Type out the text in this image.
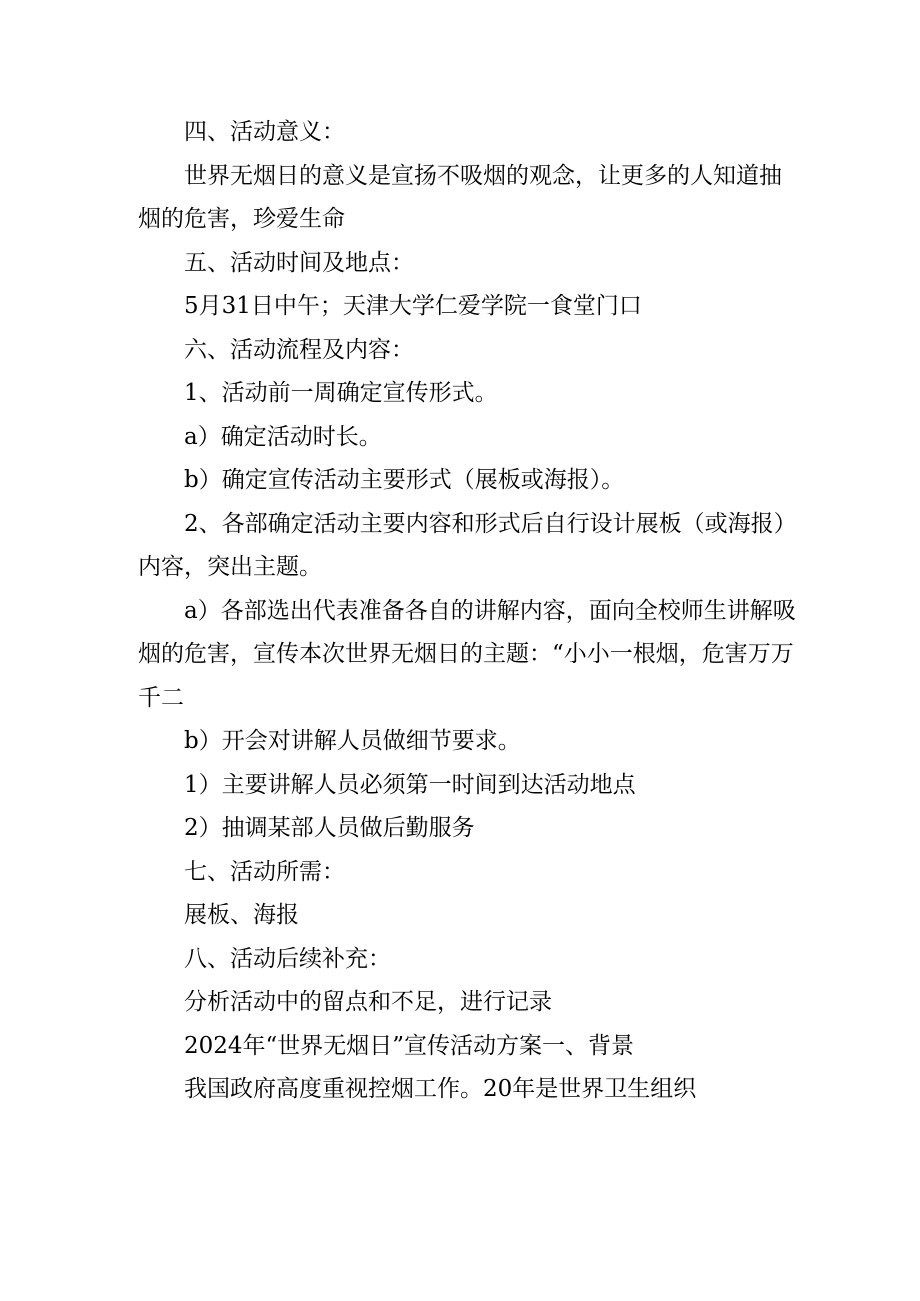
四、活动意义：

世界无烟日的意义是宣扬不吸烟的观念，让更多的人知道抽烟的危害，珍爱生命

五、活动时间及地点：

5月31日中午；天津大学仁爱学院一食堂门口

六、活动流程及内容：

1、活动前一周确定宣传形式。

a）确定活动时长。

b）确定宣传活动主要形式（展板或海报）。

2、各部确定活动主要内容和形式后自行设计展板（或海报）内容，突出主题。

a）各部选出代表准备各自的讲解内容，面向全校师生讲解吸烟的危害，宣传本次世界无烟日的主题：“小小一根烟，危害万万千二

b）开会对讲解人员做细节要求。

1）主要讲解人员必须第一时间到达活动地点

2）抽调某部人员做后勤服务

七、活动所需：

展板、海报

八、活动后续补充：

分析活动中的留点和不足，进行记录

2024年“世界无烟日”宣传活动方案一、背景

我国政府高度重视控烟工作。20年是世界卫生组织
